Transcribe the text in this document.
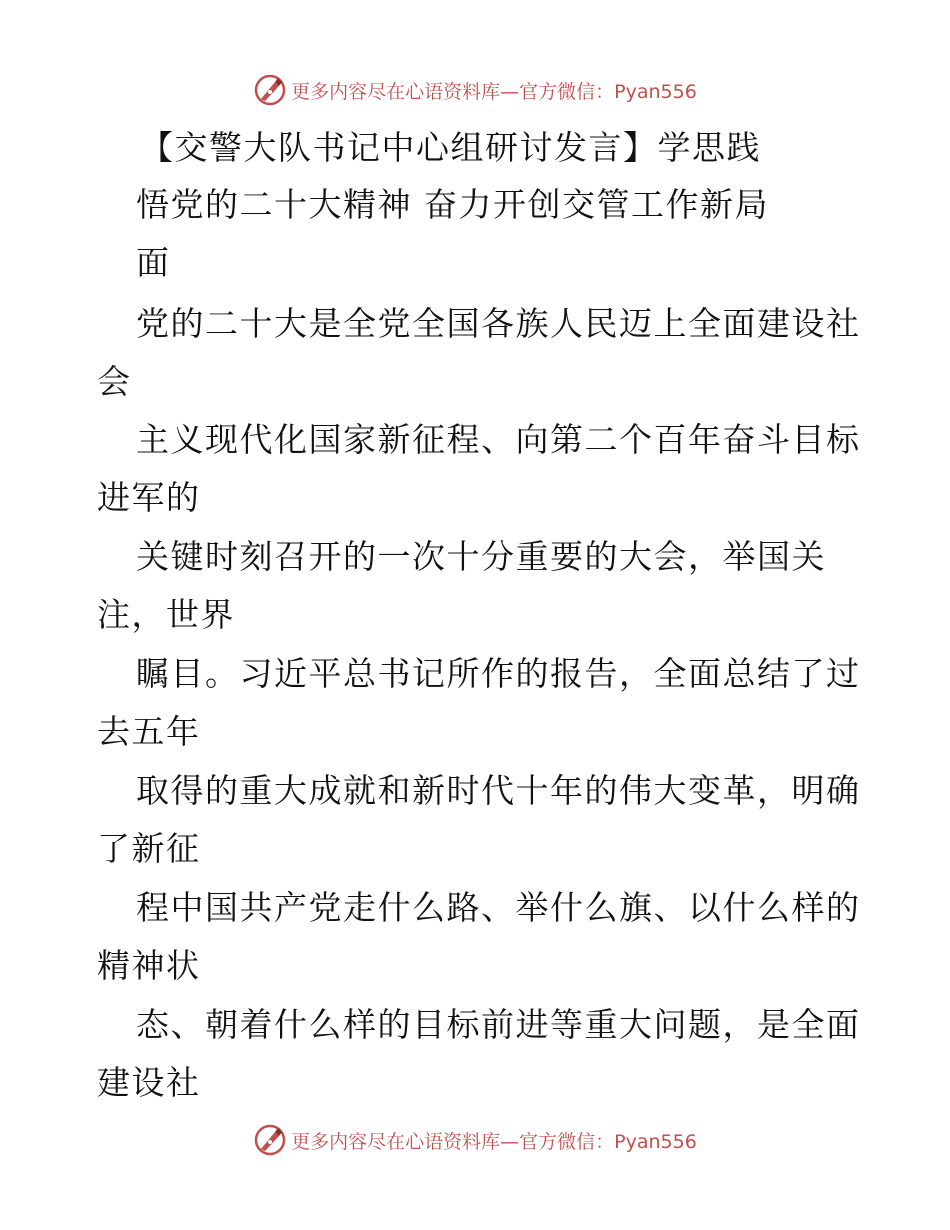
更多内容尽在心语资料库—官方微信：Pyan556
【交警大队书记中心组研讨发言】学思践
悟党的二十大精神 奋力开创交管工作新局
面
党的二十大是全党全国各族人民迈上全面建设社
会
主义现代化国家新征程、向第二个百年奋斗目标
进军的
关键时刻召开的一次十分重要的大会，举国关
注，世界
瞩目。习近平总书记所作的报告，全面总结了过
去五年
取得的重大成就和新时代十年的伟大变革，明确
了新征
程中国共产党走什么路、举什么旗、以什么样的
精神状
态、朝着什么样的目标前进等重大问题，是全面
建设社
更多内容尽在心语资料库—官方微信：Pyan556
